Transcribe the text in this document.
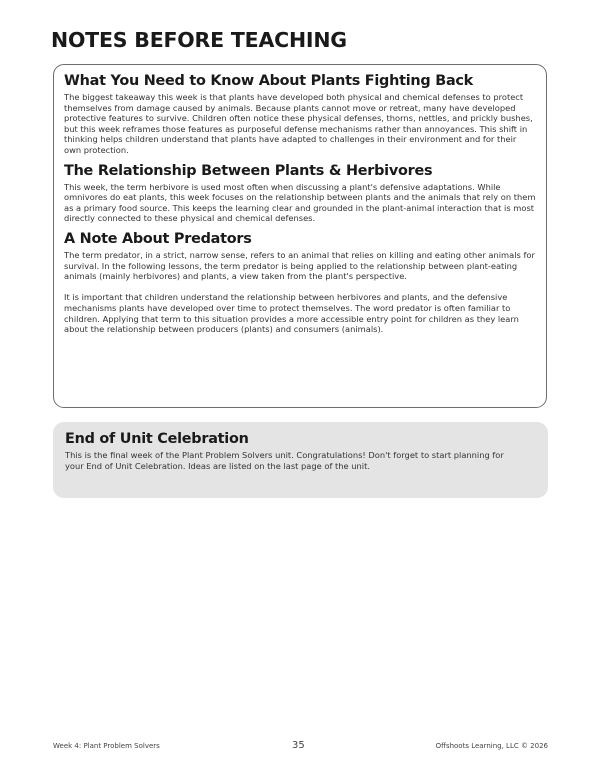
NOTES BEFORE TEACHING
What You Need to Know About Plants Fighting Back

The biggest takeaway this week is that plants have developed both physical and chemical defenses to protect themselves from damage caused by animals. Because plants cannot move or retreat, many have developed protective features to survive. Children often notice these physical defenses, thorns, nettles, and prickly bushes, but this week reframes those features as purposeful defense mechanisms rather than annoyances. This shift in thinking helps children understand that plants have adapted to challenges in their environment and for their own protection.

The Relationship Between Plants & Herbivores

This week, the term herbivore is used most often when discussing a plant's defensive adaptations. While omnivores do eat plants, this week focuses on the relationship between plants and the animals that rely on them as a primary food source. This keeps the learning clear and grounded in the plant-animal interaction that is most directly connected to these physical and chemical defenses.

A Note About Predators

The term predator, in a strict, narrow sense, refers to an animal that relies on killing and eating other animals for survival. In the following lessons, the term predator is being applied to the relationship between plant-eating animals (mainly herbivores) and plants, a view taken from the plant's perspective.

It is important that children understand the relationship between herbivores and plants, and the defensive mechanisms plants have developed over time to protect themselves. The word predator is often familiar to children. Applying that term to this situation provides a more accessible entry point for children as they learn about the relationship between producers (plants) and consumers (animals).

End of Unit Celebration

This is the final week of the Plant Problem Solvers unit. Congratulations! Don't forget to start planning for your End of Unit Celebration. Ideas are listed on the last page of the unit.

Week 4: Plant Problem Solvers	35	Offshoots Learning, LLC © 2026
